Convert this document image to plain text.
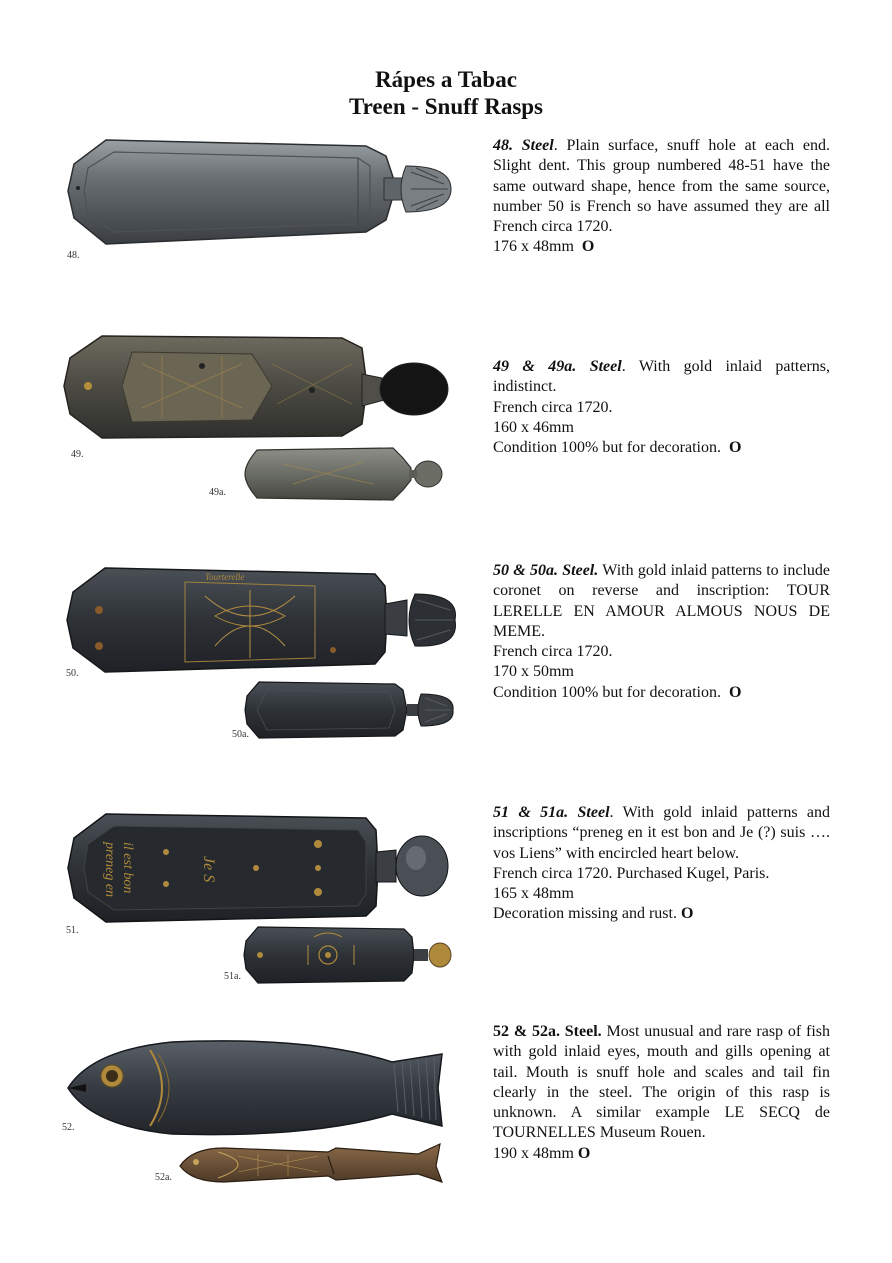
Rápes a Tabac
Treen - Snuff Rasps
48.
48. Steel. Plain surface, snuff hole at each end. Slight dent. This group numbered 48-51 have the same outward shape, hence from the same source, number 50 is French so have assumed they are all French circa 1720.
176 x 48mm O
49.
49a.
49 & 49a. Steel. With gold inlaid patterns, indistinct.
French circa 1720.
160 x 46mm
Condition 100% but for decoration. O
Tourterelle
50.
50a.
50 & 50a. Steel. With gold inlaid patterns to include coronet on reverse and inscription: TOUR LERELLE EN AMOUR ALMOUS NOUS DE MEME.
French circa 1720.
170 x 50mm
Condition 100% but for decoration. O
preneg en il est bon	Je S
51.
51a.
51 & 51a. Steel. With gold inlaid patterns and inscriptions “preneg en it est bon and Je (?) suis …. vos Liens” with encircled heart below.
French circa 1720. Purchased Kugel, Paris.
165 x 48mm
Decoration missing and rust. O
52.
52a.
52 & 52a. Steel. Most unusual and rare rasp of fish with gold inlaid eyes, mouth and gills opening at tail. Mouth is snuff hole and scales and tail fin clearly in the steel. The origin of this rasp is unknown. A similar example LE SECQ de TOURNELLES Museum Rouen.
190 x 48mm O
